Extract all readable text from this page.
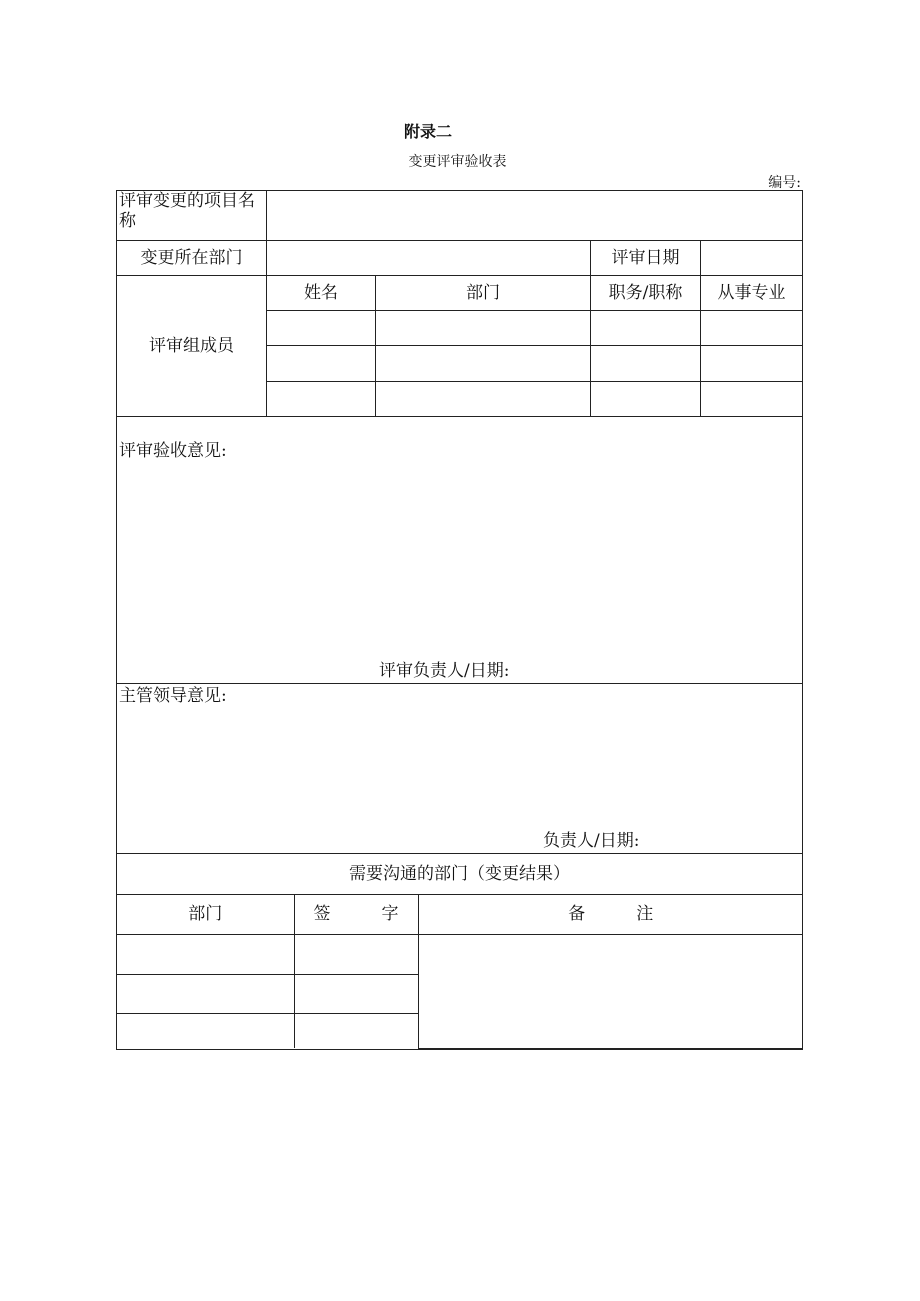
附录二
变更评审验收表
编号:
评审变更的项目名称	
变更所在部门		评审日期	
评审组成员	姓名	部门	职务/职称	从事专业

评审验收意见:
评审负责人/日期:

主管领导意见:
负责人/日期:

需要沟通的部门（变更结果）

部门	签　　　字	备　　　注
